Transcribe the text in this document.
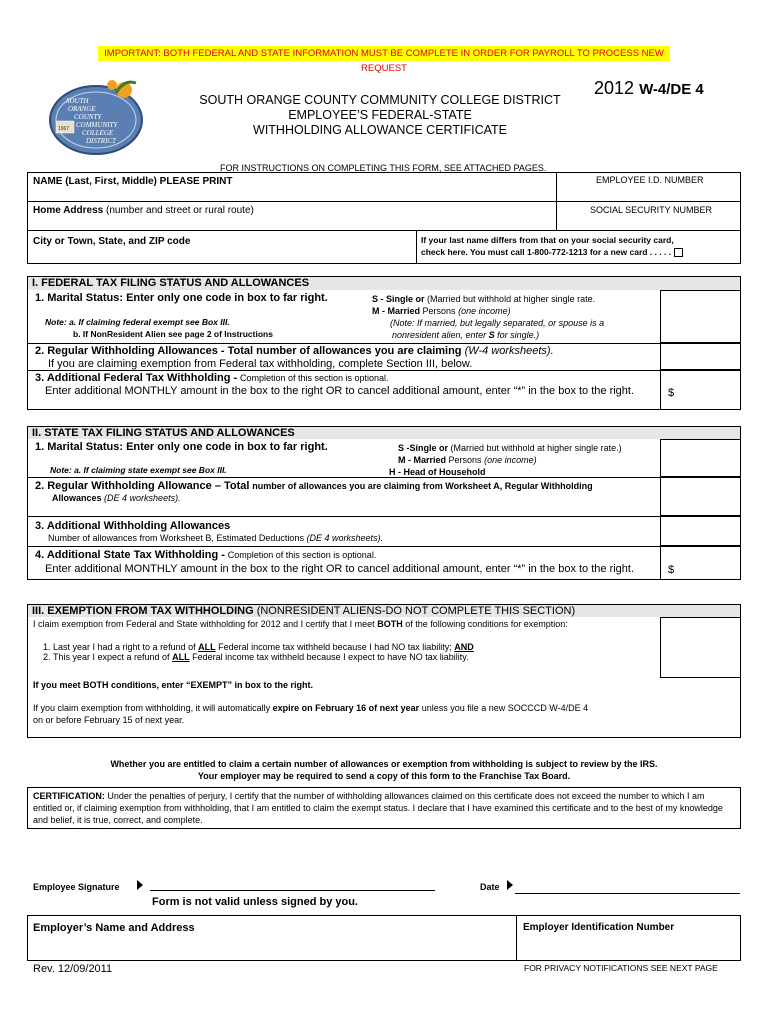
IMPORTANT: BOTH FEDERAL AND STATE INFORMATION MUST BE COMPLETE IN ORDER FOR PAYROLL TO PROCESS NEW REQUEST
SOUTH
ORANGE
COUNTY
COMMUNITY
COLLEGE
DISTRICT
1967
SOUTH ORANGE COUNTY COMMUNITY COLLEGE DISTRICT
EMPLOYEE’S FEDERAL-STATE
WITHHOLDING ALLOWANCE CERTIFICATE
2012 W-4/DE 4
FOR INSTRUCTIONS ON COMPLETING THIS FORM, SEE ATTACHED PAGES.
NAME (Last, First, Middle) PLEASE PRINT	EMPLOYEE I.D. NUMBER
Home Address (number and street or rural route)	SOCIAL SECURITY NUMBER
City or Town, State, and ZIP code	If your last name differs from that on your social security card,
check here. You must call 1-800-772-1213 for a new card . . . . .
I. FEDERAL TAX FILING STATUS AND ALLOWANCES
1. Marital Status: Enter only one code in box to far right.
Note: a. If claiming federal exempt see Box III.
b. If NonResident Alien see page 2 of Instructions
S - Single or (Married but withhold at higher single rate.
M - Married Persons (one income)
(Note: If married, but legally separated, or spouse is a
nonresident alien, enter S for single.)
2. Regular Withholding Allowances - Total number of allowances you are claiming (W-4 worksheets).
If you are claiming exemption from Federal tax withholding, complete Section III, below.
3. Additional Federal Tax Withholding - Completion of this section is optional.
Enter additional MONTHLY amount in the box to the right OR to cancel additional amount, enter “*” in the box to the right.	$
II. STATE TAX FILING STATUS AND ALLOWANCES
1. Marital Status: Enter only one code in box to far right.
Note: a. If claiming state exempt see Box III.
S -Single or (Married but withhold at higher single rate.)
M - Married Persons (one income)
H - Head of Household
2. Regular Withholding Allowance – Total number of allowances you are claiming from Worksheet A, Regular Withholding
Allowances (DE 4 worksheets).
3. Additional Withholding Allowances
Number of allowances from Worksheet B, Estimated Deductions (DE 4 worksheets).
4. Additional State Tax Withholding - Completion of this section is optional.
Enter additional MONTHLY amount in the box to the right OR to cancel additional amount, enter “*” in the box to the right.	$
III. EXEMPTION FROM TAX WITHHOLDING (NONRESIDENT ALIENS-DO NOT COMPLETE THIS SECTION)
I claim exemption from Federal and State withholding for 2012 and I certify that I meet BOTH of the following conditions for exemption:
1. Last year I had a right to a refund of ALL Federal income tax withheld because I had NO tax liability; AND
2. This year I expect a refund of ALL Federal income tax withheld because I expect to have NO tax liability.
If you meet BOTH conditions, enter “EXEMPT” in box to the right.
If you claim exemption from withholding, it will automatically expire on February 16 of next year unless you file a new SOCCCD W-4/DE 4
on or before February 15 of next year.
Whether you are entitled to claim a certain number of allowances or exemption from withholding is subject to review by the IRS.
Your employer may be required to send a copy of this form to the Franchise Tax Board.
CERTIFICATION: Under the penalties of perjury, I certify that the number of withholding allowances claimed on this certificate does not exceed the number to which I am entitled or, if claiming exemption from withholding, that I am entitled to claim the exempt status. I declare that I have examined this certificate and to the best of my knowledge and belief, it is true, correct, and complete.
Employee Signature	Date
Form is not valid unless signed by you.
Employer’s Name and Address	Employer Identification Number
Rev. 12/09/2011	FOR PRIVACY NOTIFICATIONS SEE NEXT PAGE
